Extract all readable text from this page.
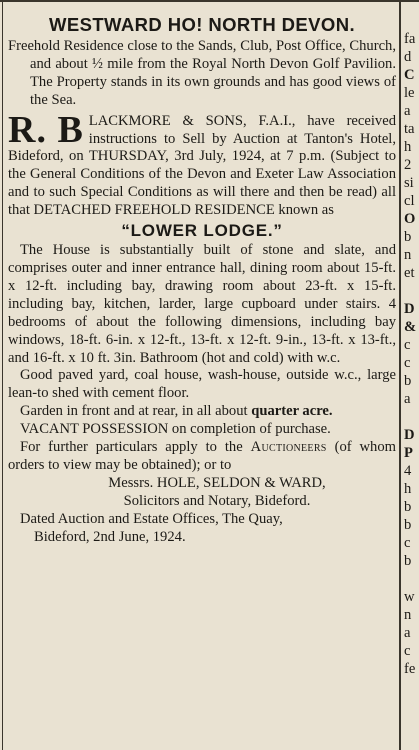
WESTWARD HO! NORTH DEVON.

Freehold Residence close to the Sands, Club, Post Office, Church, and about ½ mile from the Royal North Devon Golf Pavilion. The Property stands in its own grounds and has good views of the Sea.

R. B LACKMORE & SONS, F.A.I., have received instructions to Sell by Auction at Tanton's Hotel, Bideford, on THURSDAY, 3rd July, 1924, at 7 p.m. (Subject to the General Conditions of the Devon and Exeter Law Association and to such Special Conditions as will there and then be read) all that DETACHED FREEHOLD RESIDENCE known as

“LOWER LODGE.”

The House is substantially built of stone and slate, and comprises outer and inner entrance hall, dining room about 15-ft. x 12-ft. including bay, drawing room about 23-ft. x 15-ft. including bay, kitchen, larder, large cupboard under stairs. 4 bedrooms of about the following dimensions, including bay windows, 18-ft. 6-in. x 12-ft., 13-ft. x 12-ft. 9-in., 13-ft. x 13-ft., and 16-ft. x 10 ft. 3in. Bathroom (hot and cold) with w.c.

Good paved yard, coal house, wash-house, outside w.c., large lean-to shed with cement floor.

Garden in front and at rear, in all about quarter acre.

VACANT POSSESSION on completion of purchase.

For further particulars apply to the Auctioneers (of whom orders to view may be obtained); or to

Messrs. HOLE, SELDON & WARD,

Solicitors and Notary, Bideford.

Dated Auction and Estate Offices, The Quay,

Bideford, 2nd June, 1924.

fa
d
C
le
a
ta
h
2
si
cl
O
b
n
et

D
&
c
c
b
a

D
P
4
h
b
b
c
b

w
n
a
c
fe
